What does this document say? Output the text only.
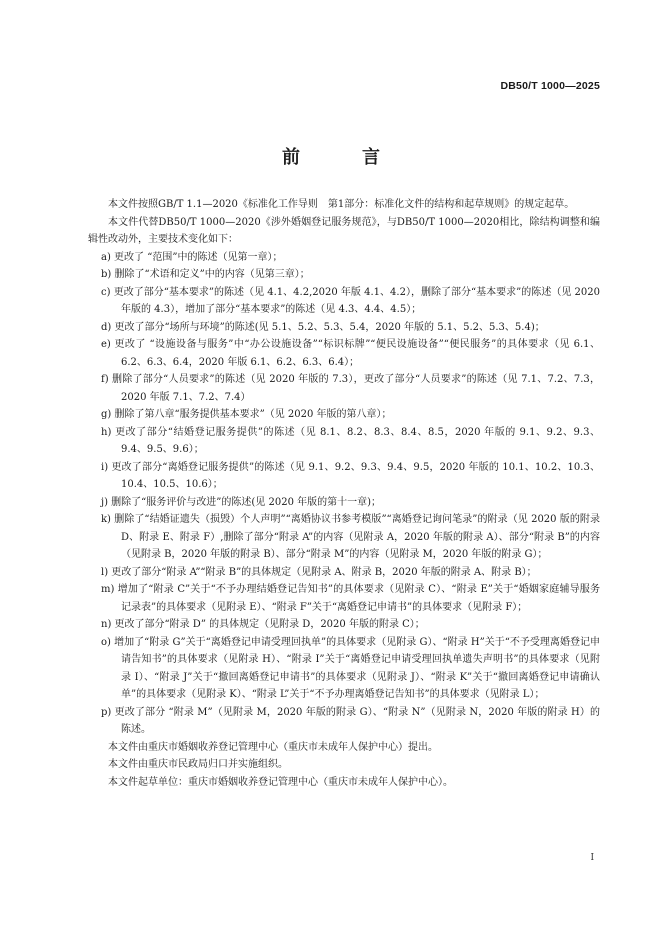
DB50/T 1000—2025
前　言

本文件按照GB/T 1.1—2020《标准化工作导则　第1部分：标准化文件的结构和起草规则》的规定起草。

本文件代替DB50/T 1000—2020《涉外婚姻登记服务规范》，与DB50/T 1000—2020相比，除结构调整和编辑性改动外，主要技术变化如下：

a) 更改了 “范围”中的陈述（见第一章）；

b) 删除了“术语和定义”中的内容（见第三章）；

c) 更改了部分“基本要求”的陈述（见 4.1、4.2,2020 年版 4.1、4.2），删除了部分“基本要求”的陈述（见 2020 年版的 4.3），增加了部分“基本要求”的陈述（见 4.3、4.4、4.5）；

d) 更改了部分“场所与环境”的陈述(见 5.1、5.2、5.3、5.4，2020 年版的 5.1、5.2、5.3、5.4)；

e) 更改了 “设施设备与服务”中“办公设施设备”“标识标牌”“便民设施设备”“便民服务”的具体要求（见 6.1、6.2、6.3、6.4，2020 年版 6.1、6.2、6.3、6.4）；

f) 删除了部分“人员要求”的陈述（见 2020 年版的 7.3），更改了部分“人员要求”的陈述（见 7.1、7.2、7.3，2020 年版 7.1、7.2、7.4）

g) 删除了第八章“服务提供基本要求”（见 2020 年版的第八章）；

h) 更改了部分“结婚登记服务提供”的陈述（见 8.1、8.2、8.3、8.4、8.5，2020 年版的 9.1、9.2、9.3、9.4、9.5、9.6）；

i) 更改了部分“离婚登记服务提供”的陈述（见 9.1、9.2、9.3、9.4、9.5，2020 年版的 10.1、10.2、10.3、10.4、10.5、10.6）；

j) 删除了“服务评价与改进”的陈述(见 2020 年版的第十一章)；

k) 删除了“结婚证遗失（损毁）个人声明”“离婚协议书参考模版”“离婚登记询问笔录”的附录（见 2020 版的附录 D、附录 E、附录 F）,删除了部分“附录 A”的内容（见附录 A，2020 年版的附录 A）、部分“附录 B”的内容（见附录 B，2020 年版的附录 B）、部分“附录 M”的内容（见附录 M，2020 年版的附录 G）；

l) 更改了部分“附录 A”“附录 B”的具体规定（见附录 A、附录 B，2020 年版的附录 A、附录 B）；

m) 增加了“附录 C”关于“不予办理结婚登记告知书”的具体要求（见附录 C）、“附录 E”关于“婚姻家庭辅导服务记录表”的具体要求（见附录 E）、“附录 F”关于“离婚登记申请书”的具体要求（见附录 F）；

n) 更改了部分“附录 D” 的具体规定（见附录 D，2020 年版的附录 C）；

o) 增加了“附录 G”关于“离婚登记申请受理回执单”的具体要求（见附录 G）、“附录 H”关于“不予受理离婚登记申请告知书”的具体要求（见附录 H）、“附录 I”关于“离婚登记申请受理回执单遗失声明书”的具体要求（见附录 I）、“附录 J”关于“撤回离婚登记申请书”的具体要求（见附录 J）、“附录 K”关于“撤回离婚登记申请确认单”的具体要求（见附录 K）、“附录 L”关于“不予办理离婚登记告知书”的具体要求（见附录 L）；

p) 更改了部分 “附录 M”（见附录 M，2020 年版的附录 G）、“附录 N”（见附录 N，2020 年版的附录 H）的陈述。

本文件由重庆市婚姻收养登记管理中心（重庆市未成年人保护中心）提出。

本文件由重庆市民政局归口并实施组织。

本文件起草单位：重庆市婚姻收养登记管理中心（重庆市未成年人保护中心）。

I
